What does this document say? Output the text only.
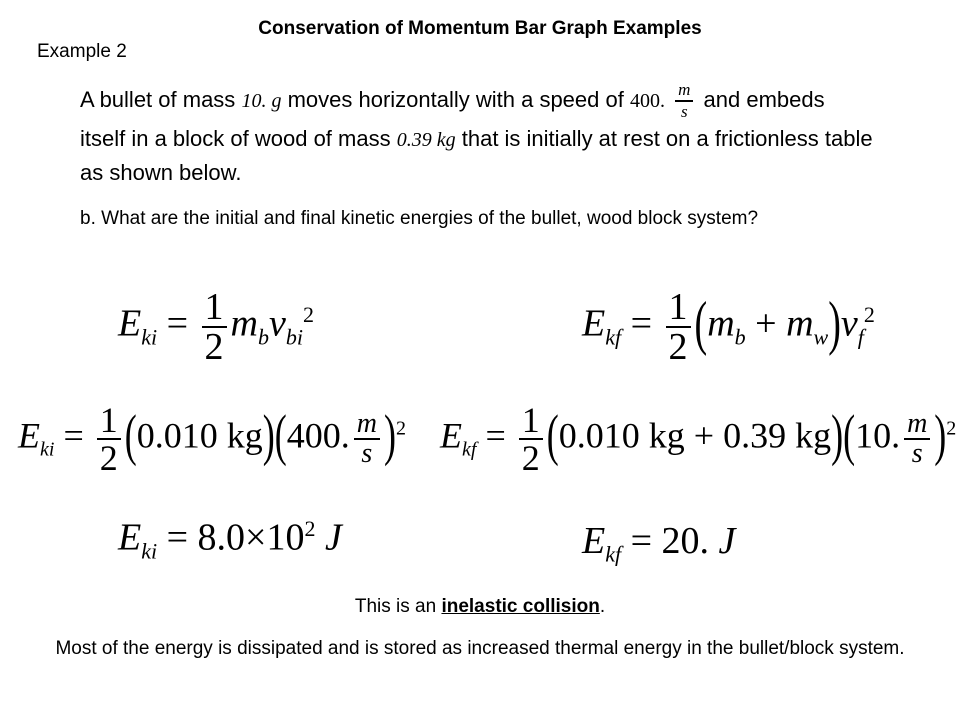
Conservation of Momentum Bar Graph Examples
Example 2
A bullet of mass 10. g moves horizontally with a speed of 400. $\frac{m}{s}$ and embeds
itself in a block of wood of mass 0.39 kg that is initially at rest on a frictionless table
as shown below.
b. What are the initial and final kinetic energies of the bullet, wood block system?
$E_{ki} = \frac{1}{2} m_bv_{bi}^2$	$E_{kf} = \frac{1}{2} (m_b + m_w)v_f^2$
$E_{ki} = \frac{1}{2} (0.010$ kg)(400. $\frac{m}{s} )^2$ $E_{kf} = \frac{1}{2} (0.010$ kg + 0.39 kg)(10. $\frac{m}{s} )^2$
$E_{ki} = 8.0\times 10^2$ J	$E_{kf} = 20$. J
This is an inelastic collision.
Most of the energy is dissipated and is stored as increased thermal energy in the bullet/block system.
